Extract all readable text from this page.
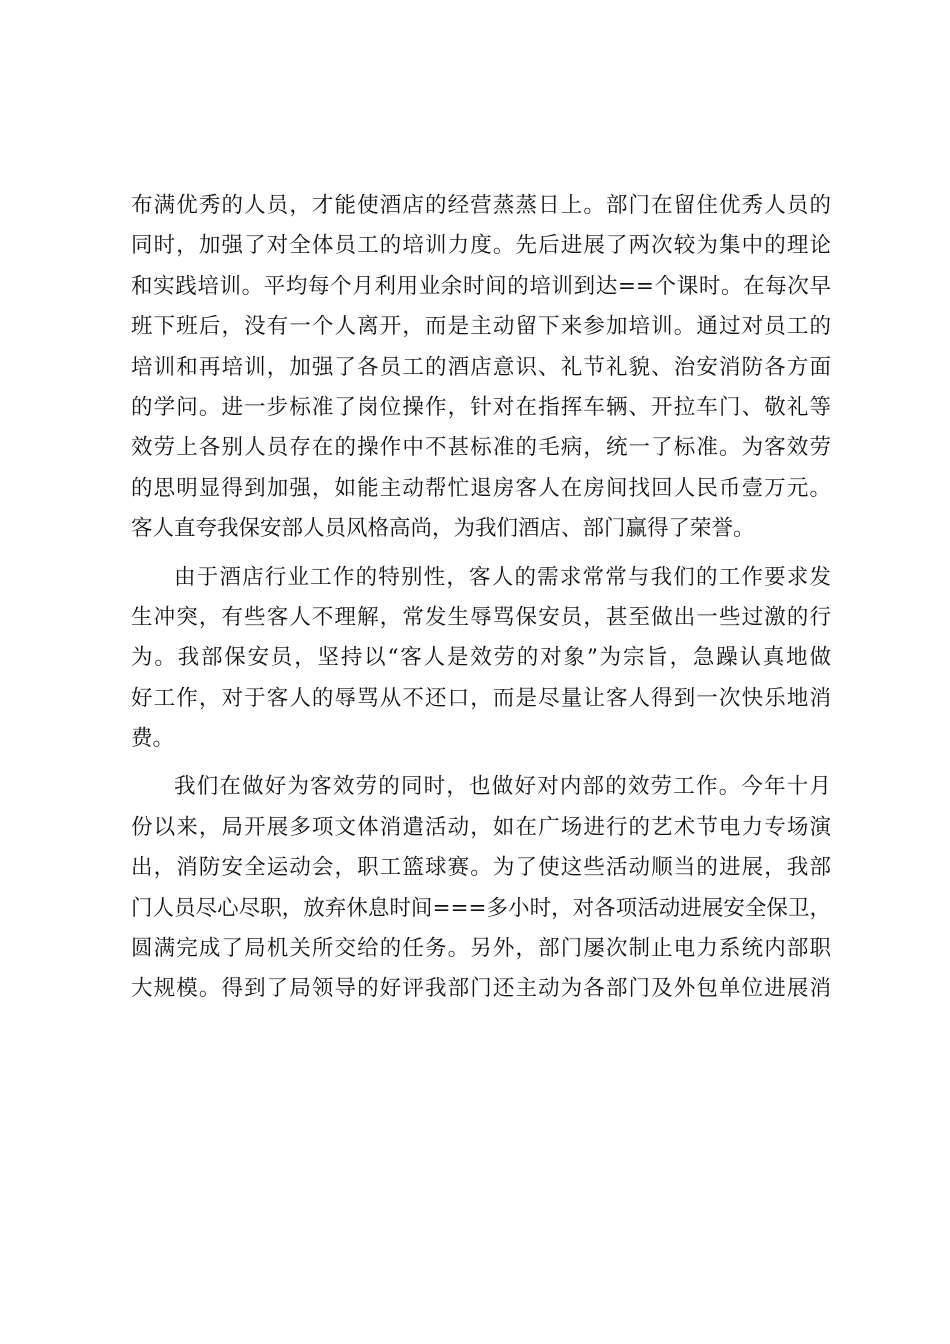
布满优秀的人员，才能使酒店的经营蒸蒸日上。部门在留住优秀人员的
同时，加强了对全体员工的培训力度。先后进展了两次较为集中的理论
和实践培训。平均每个月利用业余时间的培训到达==个课时。在每次早
班下班后，没有一个人离开，而是主动留下来参加培训。通过对员工的
培训和再培训，加强了各员工的酒店意识、礼节礼貌、治安消防各方面
的学问。进一步标准了岗位操作，针对在指挥车辆、开拉车门、敬礼等
效劳上各别人员存在的操作中不甚标准的毛病，统一了标准。为客效劳
的思明显得到加强，如能主动帮忙退房客人在房间找回人民币壹万元。
客人直夸我保安部人员风格高尚，为我们酒店、部门赢得了荣誉。
由于酒店行业工作的特别性，客人的需求常常与我们的工作要求发
生冲突，有些客人不理解，常发生辱骂保安员，甚至做出一些过激的行
为。我部保安员，坚持以“客人是效劳的对象”为宗旨，急躁认真地做
好工作，对于客人的辱骂从不还口，而是尽量让客人得到一次快乐地消
费。
我们在做好为客效劳的同时，也做好对内部的效劳工作。今年十月
份以来，局开展多项文体消遣活动，如在广场进行的艺术节电力专场演
出，消防安全运动会，职工篮球赛。为了使这些活动顺当的进展，我部
门人员尽心尽职，放弃休息时间===多小时，对各项活动进展安全保卫，
圆满完成了局机关所交给的任务。另外，部门屡次制止电力系统内部职
大规模。得到了局领导的好评我部门还主动为各部门及外包单位进展消
